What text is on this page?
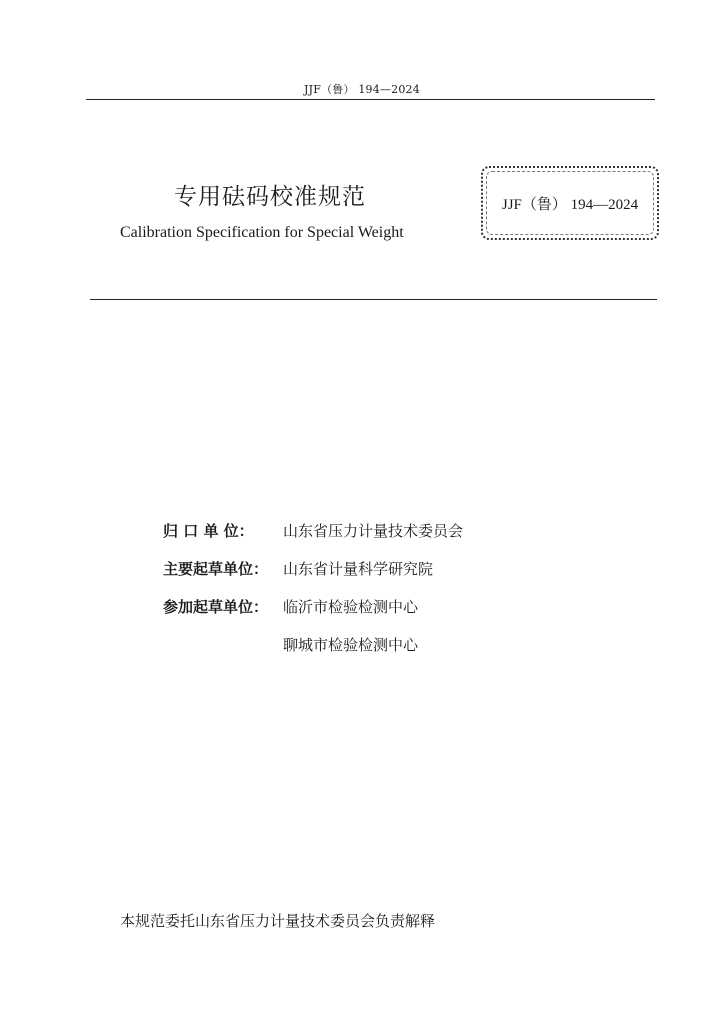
JJF（鲁） 194—2024
专用砝码校准规范
Calibration Specification for Special Weight
JJF（鲁） 194—2024
归 口 单 位：	山东省压力计量技术委员会
主要起草单位： 山东省计量科学研究院
参加起草单位： 临沂市检验检测中心
聊城市检验检测中心
本规范委托山东省压力计量技术委员会负责解释
